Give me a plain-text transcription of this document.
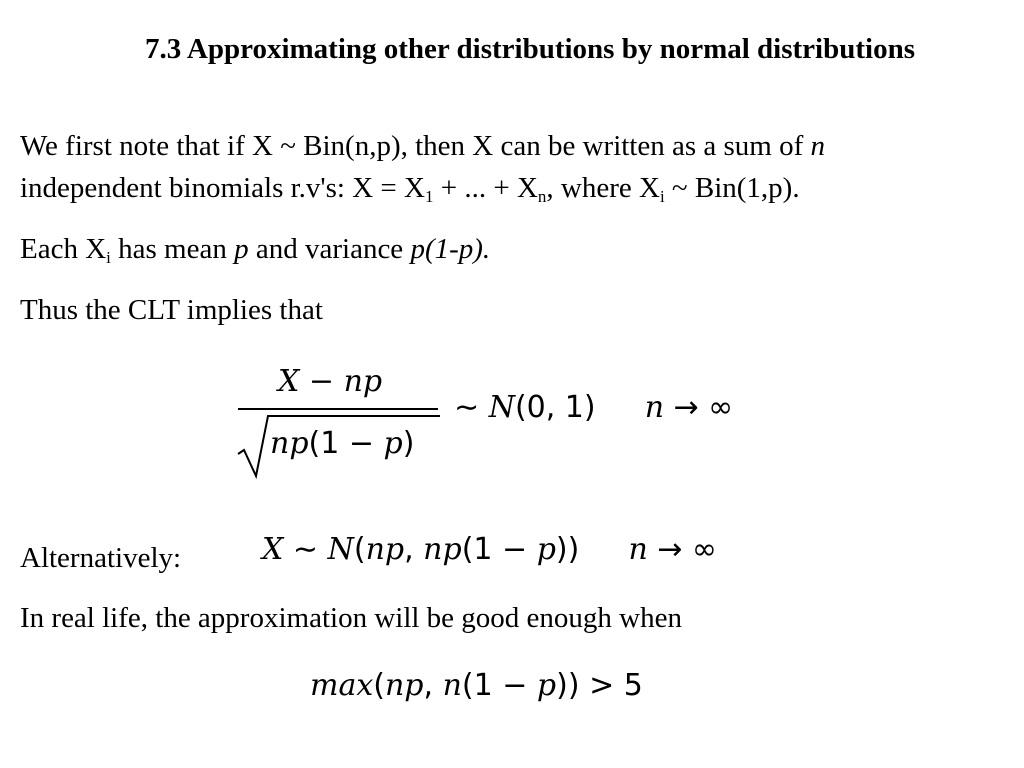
7.3 Approximating other distributions by normal distributions
We first note that if X ~ Bin(n,p), then X can be written as a sum of n
independent binomials r.v's: $X = X_1$ + ... + $X_n$, where $X_i$ ~ Bin(1,p).
Each $X_i$ has mean p and variance p(1-p).
Thus the CLT implies that
X − np
np(1 − p)
∼ N(0, 1) n → ∞
Alternatively:	X ∼ N(np, np(1 − p)) n → ∞
In real life, the approximation will be good enough when
max(np, n(1 − p)) > 5
